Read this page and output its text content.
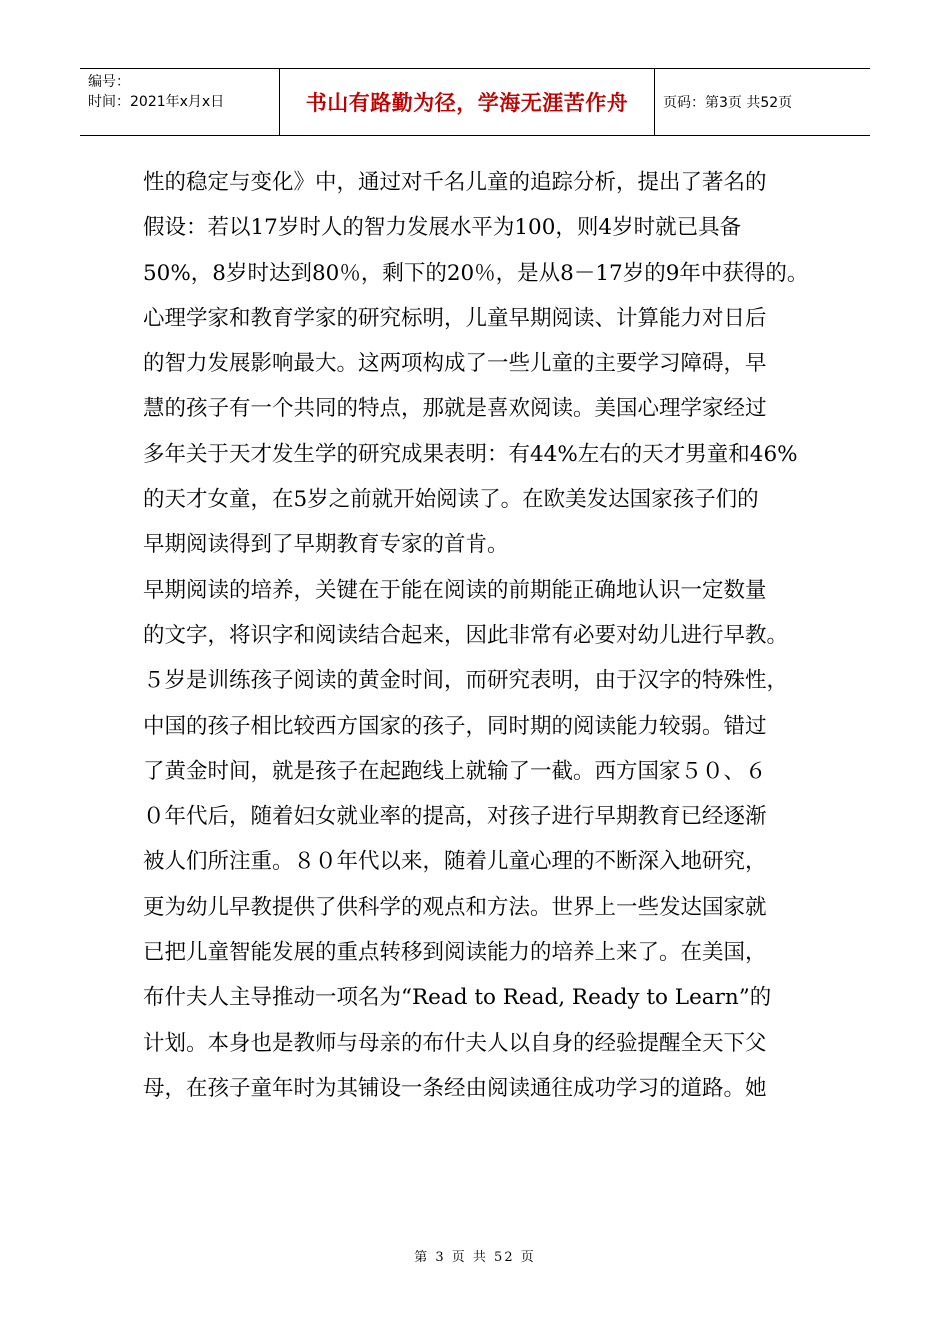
编号：
时间：2021年x月x日	书山有路勤为径，学海无涯苦作舟	页码：第3页 共52页
性的稳定与变化》中，通过对千名儿童的追踪分析，提出了著名的
假设：若以17岁时人的智力发展水平为100，则4岁时就已具备
50%，8岁时达到80％，剩下的20％，是从8－17岁的9年中获得的。
心理学家和教育学家的研究标明，儿童早期阅读、计算能力对日后
的智力发展影响最大。这两项构成了一些儿童的主要学习障碍，早
慧的孩子有一个共同的特点，那就是喜欢阅读。美国心理学家经过
多年关于天才发生学的研究成果表明：有44%左右的天才男童和46%
的天才女童，在5岁之前就开始阅读了。在欧美发达国家孩子们的
早期阅读得到了早期教育专家的首肯。
早期阅读的培养，关键在于能在阅读的前期能正确地认识一定数量
的文字，将识字和阅读结合起来，因此非常有必要对幼儿进行早教。
５岁是训练孩子阅读的黄金时间，而研究表明，由于汉字的特殊性，
中国的孩子相比较西方国家的孩子，同时期的阅读能力较弱。错过
了黄金时间，就是孩子在起跑线上就输了一截。西方国家５０、６
０年代后，随着妇女就业率的提高，对孩子进行早期教育已经逐渐
被人们所注重。８０年代以来，随着儿童心理的不断深入地研究，
更为幼儿早教提供了供科学的观点和方法。世界上一些发达国家就
已把儿童智能发展的重点转移到阅读能力的培养上来了。在美国，
布什夫人主导推动一项名为“Read to Read, Ready to Learn”的
计划。本身也是教师与母亲的布什夫人以自身的经验提醒全天下父
母，在孩子童年时为其铺设一条经由阅读通往成功学习的道路。她
第 3 页 共 52 页
